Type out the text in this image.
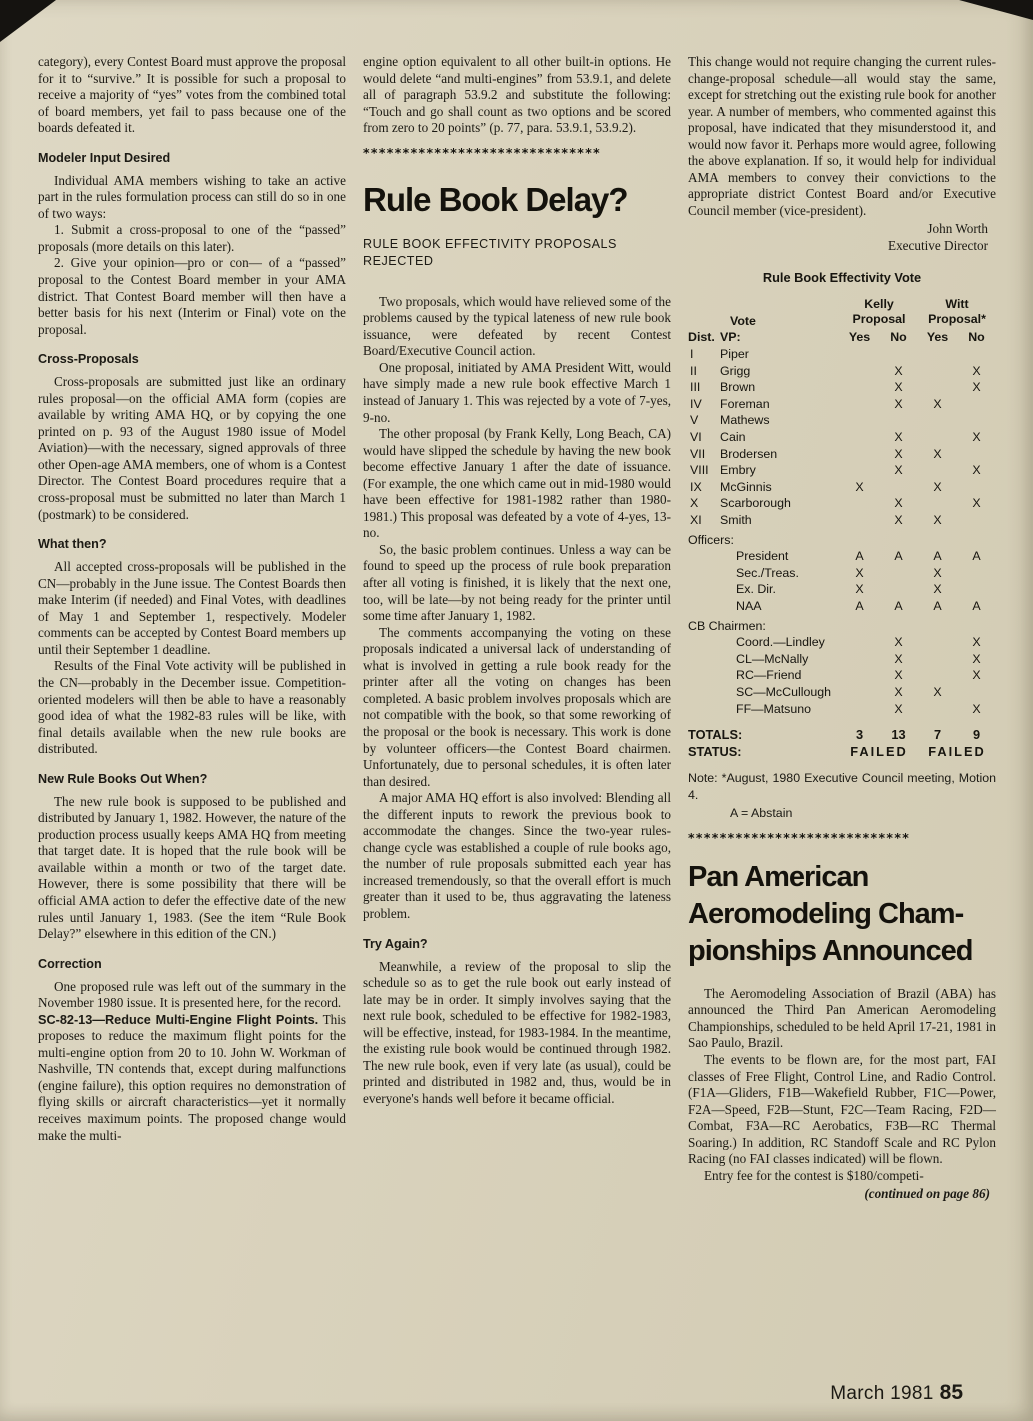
category), every Contest Board must approve the proposal for it to “survive.” It is possible for such a proposal to receive a majority of “yes” votes from the combined total of board members, yet fail to pass because one of the boards defeated it.

Modeler Input Desired

Individual AMA members wishing to take an active part in the rules formulation process can still do so in one of two ways:

1. Submit a cross-proposal to one of the “passed” proposals (more details on this later).

2. Give your opinion—pro or con— of a “passed” proposal to the Contest Board member in your AMA district. That Contest Board member will then have a better basis for his next (Interim or Final) vote on the proposal.

Cross-Proposals

Cross-proposals are submitted just like an ordinary rules proposal—on the official AMA form (copies are available by writing AMA HQ, or by copying the one printed on p. 93 of the August 1980 issue of Model Aviation)—with the necessary, signed approvals of three other Open-age AMA members, one of whom is a Contest Director. The Contest Board procedures require that a cross-proposal must be submitted no later than March 1 (postmark) to be considered.

What then?

All accepted cross-proposals will be published in the CN—probably in the June issue. The Contest Boards then make Interim (if needed) and Final Votes, with deadlines of May 1 and September 1, respectively. Modeler comments can be accepted by Contest Board members up until their September 1 deadline.

Results of the Final Vote activity will be published in the CN—probably in the December issue. Competition-oriented modelers will then be able to have a reasonably good idea of what the 1982-83 rules will be like, with final details available when the new rule books are distributed.

New Rule Books Out When?

The new rule book is supposed to be published and distributed by January 1, 1982. However, the nature of the production process usually keeps AMA HQ from meeting that target date. It is hoped that the rule book will be available within a month or two of the target date. However, there is some possibility that there will be official AMA action to defer the effective date of the new rules until January 1, 1983. (See the item “Rule Book Delay?” elsewhere in this edition of the CN.)

Correction

One proposed rule was left out of the summary in the November 1980 issue. It is presented here, for the record.

SC-82-13—Reduce Multi-Engine Flight Points. This proposes to reduce the maximum flight points for the multi-engine option from 20 to 10. John W. Workman of Nashville, TN contends that, except during malfunctions (engine failure), this option requires no demonstration of flying skills or aircraft characteristics—yet it normally receives maximum points. The proposed change would make the multi-

engine option equivalent to all other built-in options. He would delete “and multi-engines” from 53.9.1, and delete all of paragraph 53.9.2 and substitute the following: “Touch and go shall count as two options and be scored from zero to 20 points” (p. 77, para. 53.9.1, 53.9.2).

******************************
Rule Book Delay?
RULE BOOK EFFECTIVITY PROPOSALS REJECTED

Two proposals, which would have relieved some of the problems caused by the typical lateness of new rule book issuance, were defeated by recent Contest Board/Executive Council action.

One proposal, initiated by AMA President Witt, would have simply made a new rule book effective March 1 instead of January 1. This was rejected by a vote of 7-yes, 9-no.

The other proposal (by Frank Kelly, Long Beach, CA) would have slipped the schedule by having the new book become effective January 1 after the date of issuance. (For example, the one which came out in mid-1980 would have been effective for 1981-1982 rather than 1980-1981.) This proposal was defeated by a vote of 4-yes, 13-no.

So, the basic problem continues. Unless a way can be found to speed up the process of rule book preparation after all voting is finished, it is likely that the next one, too, will be late—by not being ready for the printer until some time after January 1, 1982.

The comments accompanying the voting on these proposals indicated a universal lack of understanding of what is involved in getting a rule book ready for the printer after all the voting on changes has been completed. A basic problem involves proposals which are not compatible with the book, so that some reworking of the proposal or the book is necessary. This work is done by volunteer officers—the Contest Board chairmen. Unfortunately, due to personal schedules, it is often later than desired.

A major AMA HQ effort is also involved: Blending all the different inputs to rework the previous book to accommodate the changes. Since the two-year rules-change cycle was established a couple of rule books ago, the number of rule proposals submitted each year has increased tremendously, so that the overall effort is much greater than it used to be, thus aggravating the lateness problem.

Try Again?

Meanwhile, a review of the proposal to slip the schedule so as to get the rule book out early instead of late may be in order. It simply involves saying that the next rule book, scheduled to be effective for 1982-1983, will be effective, instead, for 1983-1984. In the meantime, the existing rule book would be continued through 1982. The new rule book, even if very late (as usual), could be printed and distributed in 1982 and, thus, would be in everyone's hands well before it became official.

This change would not require changing the current rules-change-proposal schedule—all would stay the same, except for stretching out the existing rule book for another year. A number of members, who commented against this proposal, have indicated that they misunderstood it, and would now favor it. Perhaps more would agree, following the above explanation. If so, it would help for individual AMA members to convey their convictions to the appropriate district Contest Board and/or Executive Council member (vice-president).

John Worth
Executive Director
Rule Book Effectivity Vote
Vote		Kelly Proposal		Witt Proposal*	
Dist.	VP:	Yes	No	Yes	No
I	Piper				
II	Grigg		X		X
III	Brown		X		X
IV	Foreman		X	X	
V	Mathews				
VI	Cain		X		X
VII	Brodersen		X	X	
VIII	Embry		X		X
IX	McGinnis	X		X	
X	Scarborough		X		X
XI	Smith		X	X	
Officers:					
	President	A	A	A	A
	Sec./Treas.	X		X	
	Ex. Dir.	X		X	
	NAA	A	A	A	A
CB Chairmen:					
	Coord.—Lindley		X		X
	CL—McNally		X		X
	RC—Friend		X		X
	SC—McCullough		X	X	
	FF—Matsuno		X		X
TOTALS:		3	13	7	9
STATUS:		FAILED		FAILED	

Note: *August, 1980 Executive Council meeting, Motion 4.

A = Abstain

****************************
Pan American
Aeromodeling Cham-
pionships Announced

The Aeromodeling Association of Brazil (ABA) has announced the Third Pan American Aeromodeling Championships, scheduled to be held April 17-21, 1981 in Sao Paulo, Brazil.

The events to be flown are, for the most part, FAI classes of Free Flight, Control Line, and Radio Control. (F1A—Gliders, F1B—Wakefield Rubber, F1C—Power, F2A—Speed, F2B—Stunt, F2C—Team Racing, F2D—Combat, F3A—RC Aerobatics, F3B—RC Thermal Soaring.) In addition, RC Standoff Scale and RC Pylon Racing (no FAI classes indicated) will be flown.

Entry fee for the contest is $180/competi-

(continued on page 86)

March 1981 85
